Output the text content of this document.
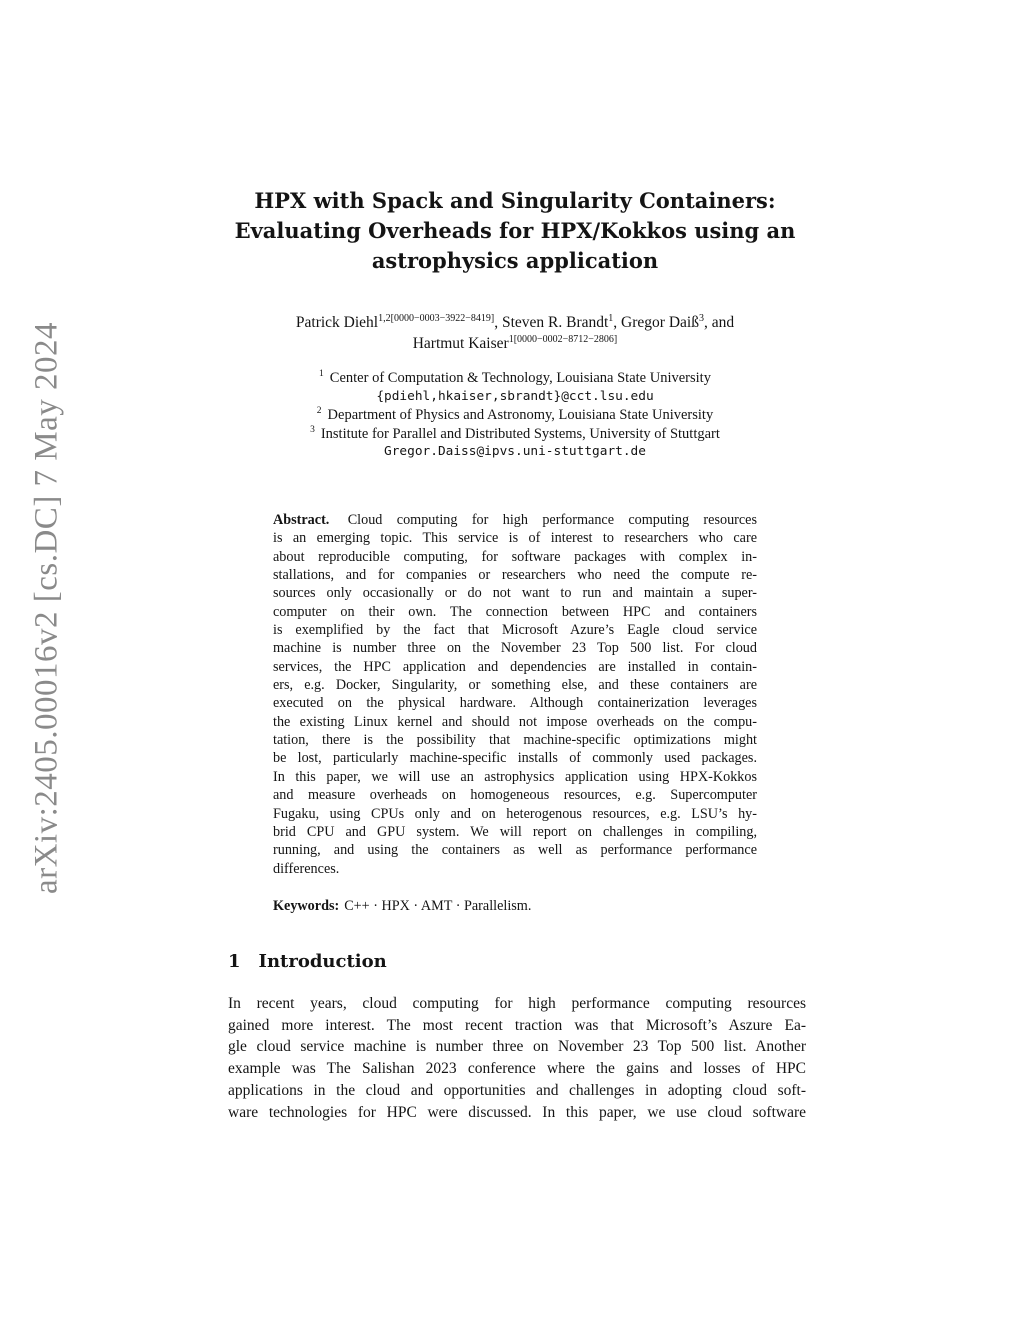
arXiv:2405.00016v2 [cs.DC] 7 May 2024
HPX with Spack and Singularity Containers:
Evaluating Overheads for HPX/Kokkos using an
astrophysics application
Patrick Diehl$^{1,2[0000-0003-3922-8419]}$, Steven R. Brandt$^1$, Gregor Daiß$^3$, and
Hartmut Kaiser$^{1[0000-0002-8712-2806]}$
$^1$ Center of Computation & Technology, Louisiana State University
{pdiehl,hkaiser,sbrandt}@cct.lsu.edu
$^2$ Department of Physics and Astronomy, Louisiana State University
$^3$ Institute for Parallel and Distributed Systems, University of Stuttgart
Gregor.Daiss@ipvs.uni-stuttgart.de
Abstract. Cloud computing for high performance computing resources
is an emerging topic. This service is of interest to researchers who care
about reproducible computing, for software packages with complex in-
stallations, and for companies or researchers who need the compute re-
sources only occasionally or do not want to run and maintain a super-
computer on their own. The connection between HPC and containers
is exemplified by the fact that Microsoft Azure’s Eagle cloud service
machine is number three on the November 23 Top 500 list. For cloud
services, the HPC application and dependencies are installed in contain-
ers, e.g. Docker, Singularity, or something else, and these containers are
executed on the physical hardware. Although containerization leverages
the existing Linux kernel and should not impose overheads on the compu-
tation, there is the possibility that machine-specific optimizations might
be lost, particularly machine-specific installs of commonly used packages.
In this paper, we will use an astrophysics application using HPX-Kokkos
and measure overheads on homogeneous resources, e.g. Supercomputer
Fugaku, using CPUs only and on heterogenous resources, e.g. LSU’s hy-
brid CPU and GPU system. We will report on challenges in compiling,
running, and using the containers as well as performance performance
differences.
Keywords: C++ · HPX · AMT · Parallelism.
1 Introduction
In recent years, cloud computing for high performance computing resources
gained more interest. The most recent traction was that Microsoft’s Aszure Ea-
gle cloud service machine is number three on November 23 Top 500 list. Another
example was The Salishan 2023 conference where the gains and losses of HPC
applications in the cloud and opportunities and challenges in adopting cloud soft-
ware technologies for HPC were discussed. In this paper, we use cloud software
